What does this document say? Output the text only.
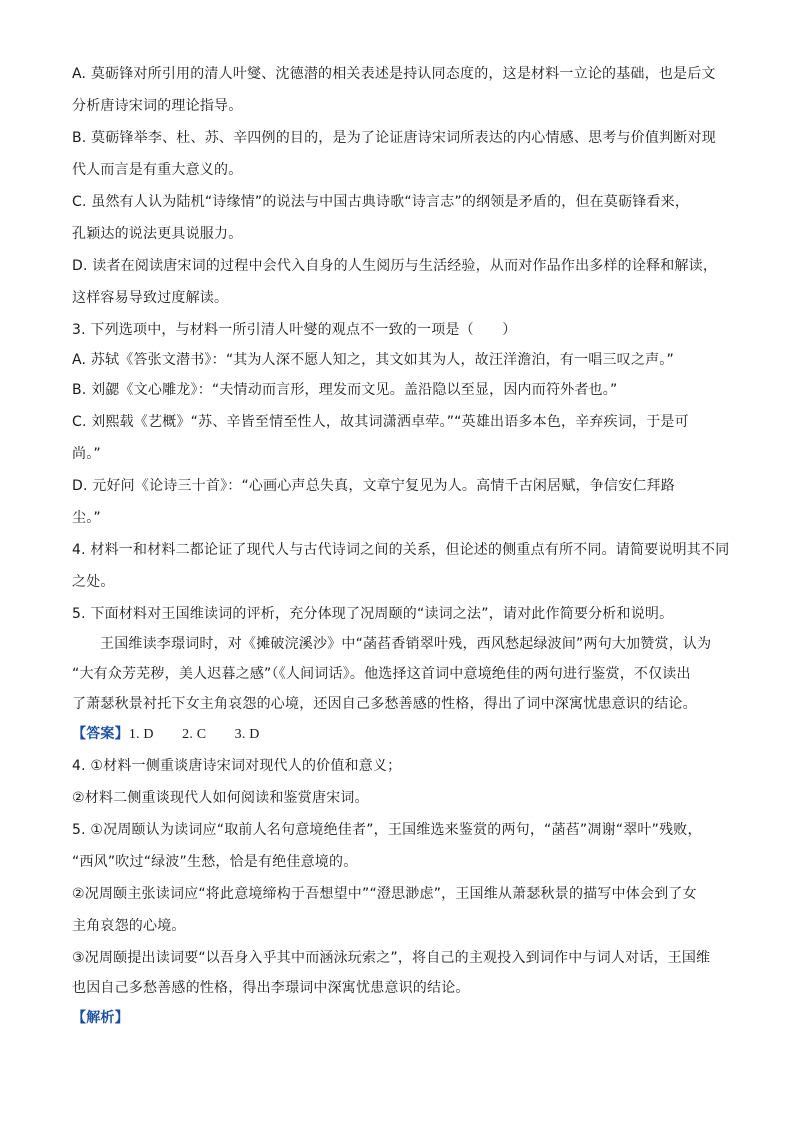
A. 莫砺锋对所引用的清人叶燮、沈德潜的相关表述是持认同态度的，这是材料一立论的基础，也是后文
分析唐诗宋词的理论指导。
B. 莫砺锋举李、杜、苏、辛四例的目的，是为了论证唐诗宋词所表达的内心情感、思考与价值判断对现
代人而言是有重大意义的。
C. 虽然有人认为陆机“诗缘情”的说法与中国古典诗歌“诗言志”的纲领是矛盾的，但在莫砺锋看来，
孔颖达的说法更具说服力。
D. 读者在阅读唐宋词的过程中会代入自身的人生阅历与生活经验，从而对作品作出多样的诠释和解读，
这样容易导致过度解读。
3. 下列选项中，与材料一所引清人叶燮的观点不一致的一项是（　　）
A. 苏轼《答张文潜书》：“其为人深不愿人知之，其文如其为人，故汪洋澹泊，有一唱三叹之声。”
B. 刘勰《文心雕龙》：“夫情动而言形，理发而文见。盖沿隐以至显，因内而符外者也。”
C. 刘熙载《艺概》“苏、辛皆至情至性人，故其词潇洒卓荦。”“英雄出语多本色，辛弃疾词，于是可
尚。”
D. 元好问《论诗三十首》：“心画心声总失真，文章宁复见为人。高情千古闲居赋，争信安仁拜路
尘。”
4. 材料一和材料二都论证了现代人与古代诗词之间的关系，但论述的侧重点有所不同。请简要说明其不同
之处。
5. 下面材料对王国维读词的评析，充分体现了况周颐的“读词之法”，请对此作简要分析和说明。
王国维读李璟词时，对《摊破浣溪沙》中“菡萏香销翠叶残，西风愁起绿波间”两句大加赞赏，认为
“大有众芳芜秽，美人迟暮之感”（《人间词话》。他选择这首词中意境绝佳的两句进行鉴赏，不仅读出
了萧瑟秋景衬托下女主角哀怨的心境，还因自己多愁善感的性格，得出了词中深寓忧患意识的结论。
【答案】1. D　　2. C　　3. D
4. ①材料一侧重谈唐诗宋词对现代人的价值和意义；
②材料二侧重谈现代人如何阅读和鉴赏唐宋词。
5. ①况周颐认为读词应“取前人名句意境绝佳者”，王国维选来鉴赏的两句，“菡萏”凋谢“翠叶”残败，
“西风”吹过“绿波”生愁，恰是有绝佳意境的。
②况周颐主张读词应“将此意境缔构于吾想望中”“澄思渺虑”，王国维从萧瑟秋景的描写中体会到了女
主角哀怨的心境。
③况周颐提出读词要“以吾身入乎其中而涵泳玩索之”，将自己的主观投入到词作中与词人对话，王国维
也因自己多愁善感的性格，得出李璟词中深寓忧患意识的结论。
【解析】
